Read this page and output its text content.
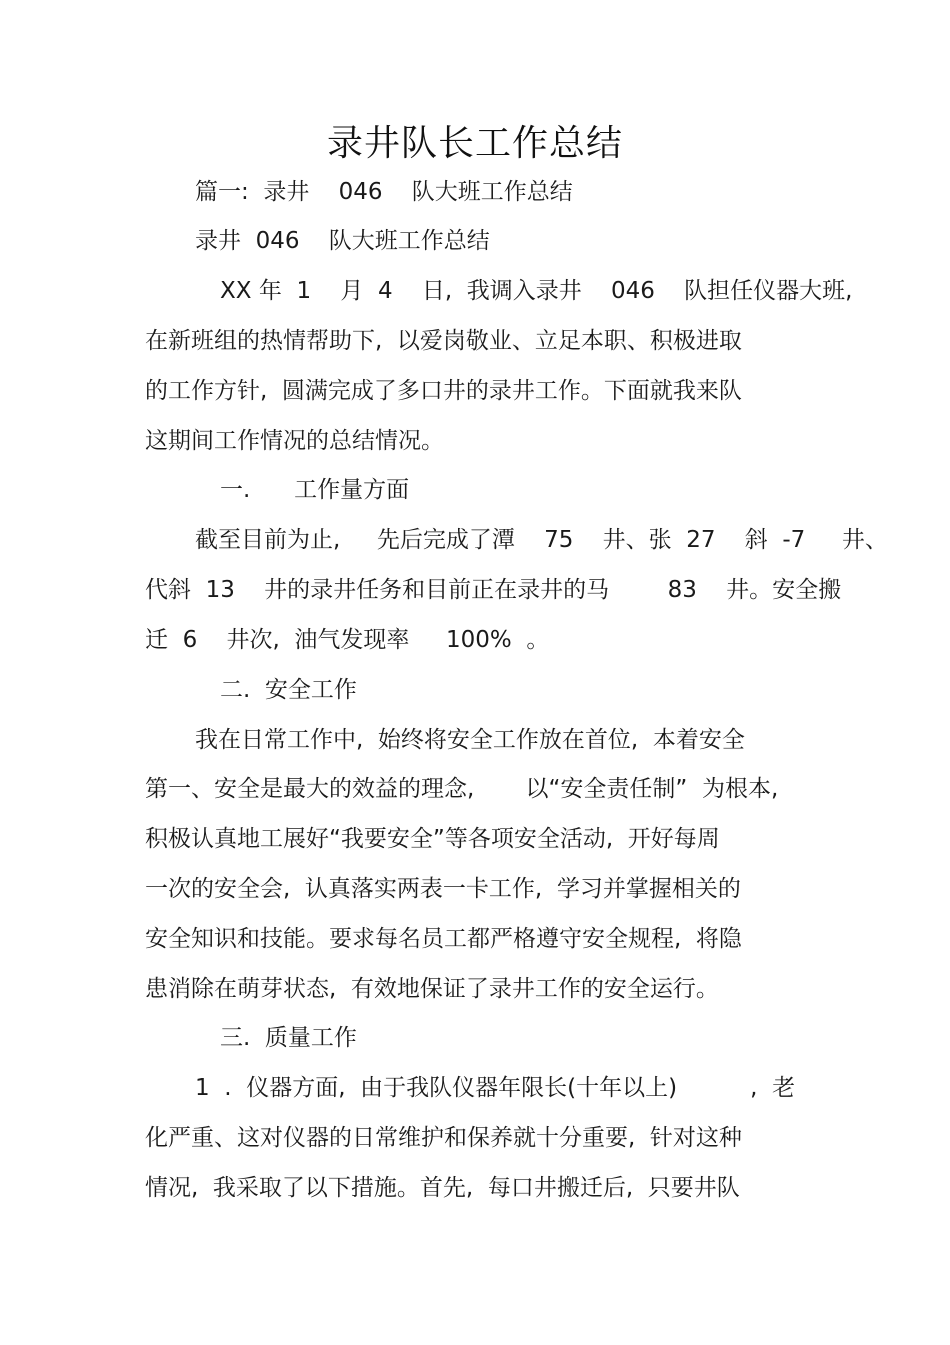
录井队长工作总结
篇一:  录井    046    队大班工作总结
录井  046    队大班工作总结
XX 年  1    月  4    日,  我调入录井    046    队担任仪器大班,
在新班组的热情帮助下,  以爱岗敬业、立足本职、积极进取
的工作方针,  圆满完成了多口井的录井工作。下面就我来队
这期间工作情况的总结情况。
一.      工作量方面
截至目前为止,     先后完成了潭    75    井、张  27    斜  -7     井、
代斜  13    井的录井任务和目前正在录井的马        83    井。安全搬
迁  6    井次,  油气发现率     100%  。
二.  安全工作
我在日常工作中,  始终将安全工作放在首位,  本着安全
第一、安全是最大的效益的理念,       以“安全责任制”  为根本,
积极认真地工展好“我要安全”等各项安全活动,  开好每周
一次的安全会,  认真落实两表一卡工作,  学习并掌握相关的
安全知识和技能。要求每名员工都严格遵守安全规程,  将隐
患消除在萌芽状态,  有效地保证了录井工作的安全运行。
三.  质量工作
1  .  仪器方面,  由于我队仪器年限长(十年以上)          ,  老
化严重、这对仪器的日常维护和保养就十分重要,  针对这种
情况,  我采取了以下措施。首先,  每口井搬迁后,  只要井队
